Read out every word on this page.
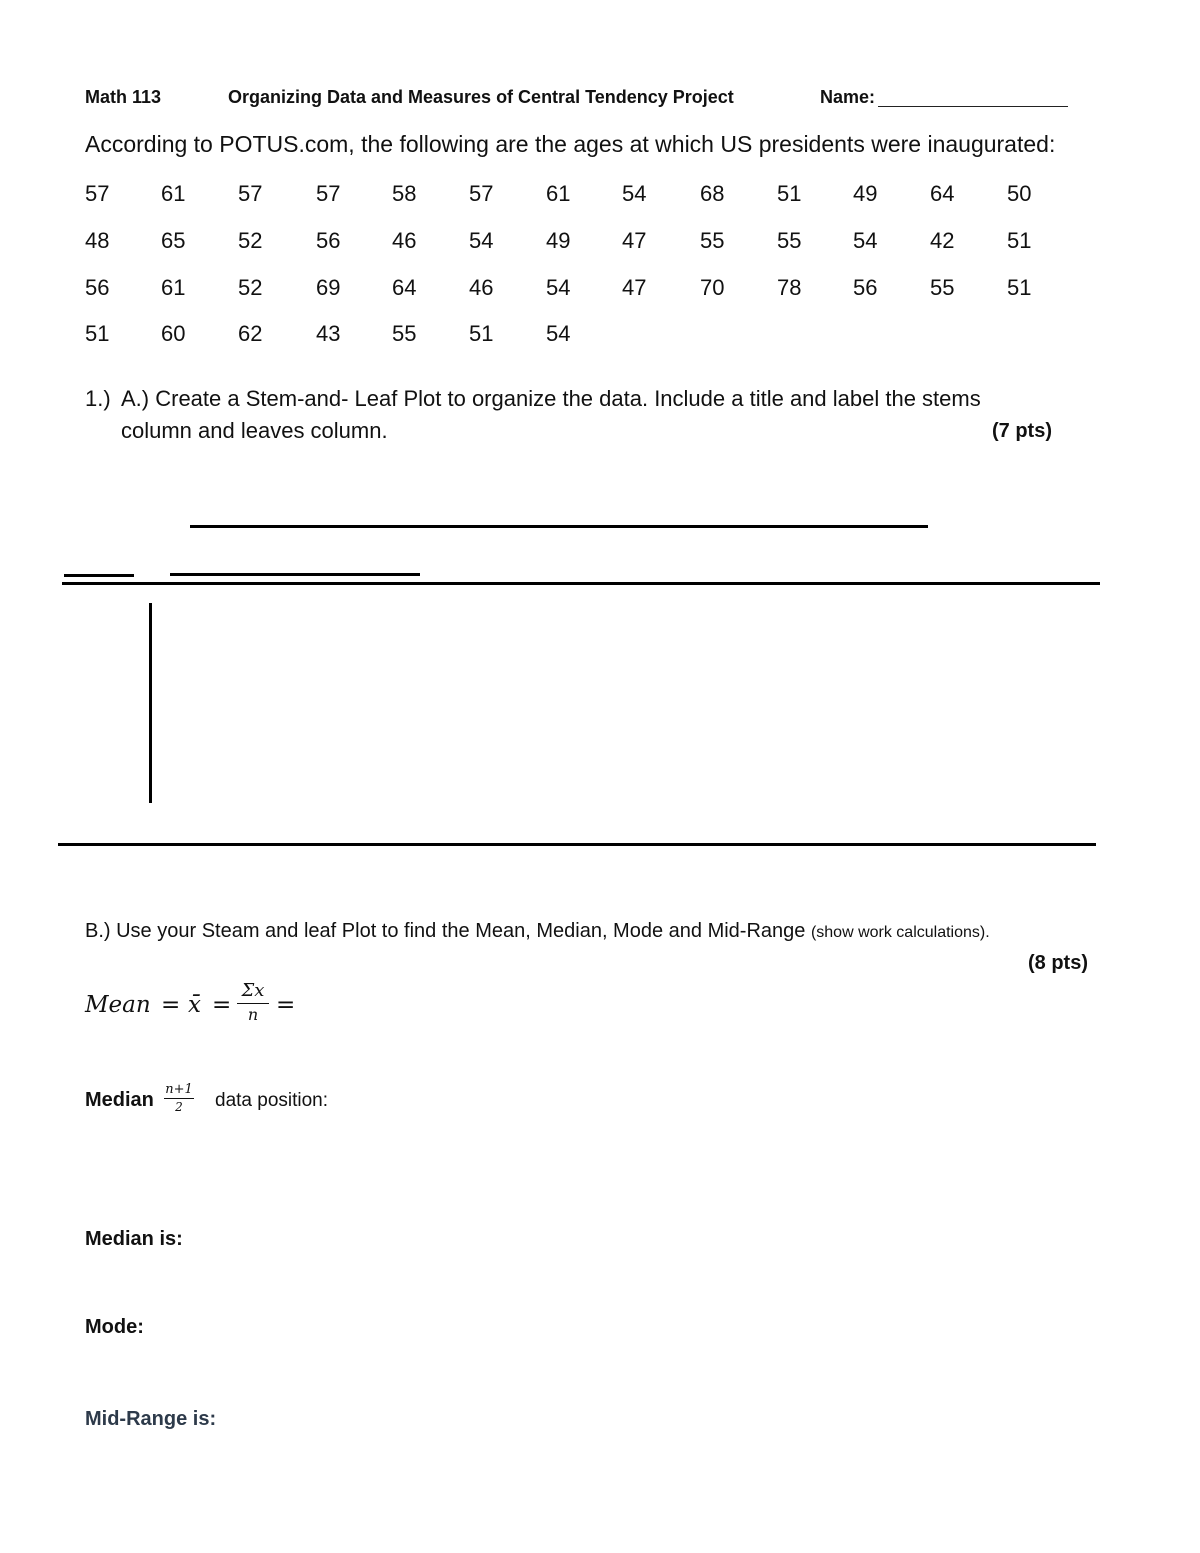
Math 113	Organizing Data and Measures of Central Tendency Project	Name:
According to POTUS.com, the following are the ages at which US presidents were inaugurated:
57 61 57 57 58 57 61 54 68 51 49 64 50
48 65 52 56 46 54 49 47 55 55 54 42 51
56 61 52 69 64 46 54 47 70 78 56 55 51
51 60 62 43 55 51 54
1.) A.) Create a Stem-and- Leaf Plot to organize the data. Include a title and label the stems
column and leaves column.	(7 pts)
B.) Use your Steam and leaf Plot to find the Mean, Median, Mode and Mid-Range (show work calculations).
(8 pts)
Mean = x̄ =
Σx
n =
Median n+1
2	data position:
Median is:
Mode:
Mid-Range is:
